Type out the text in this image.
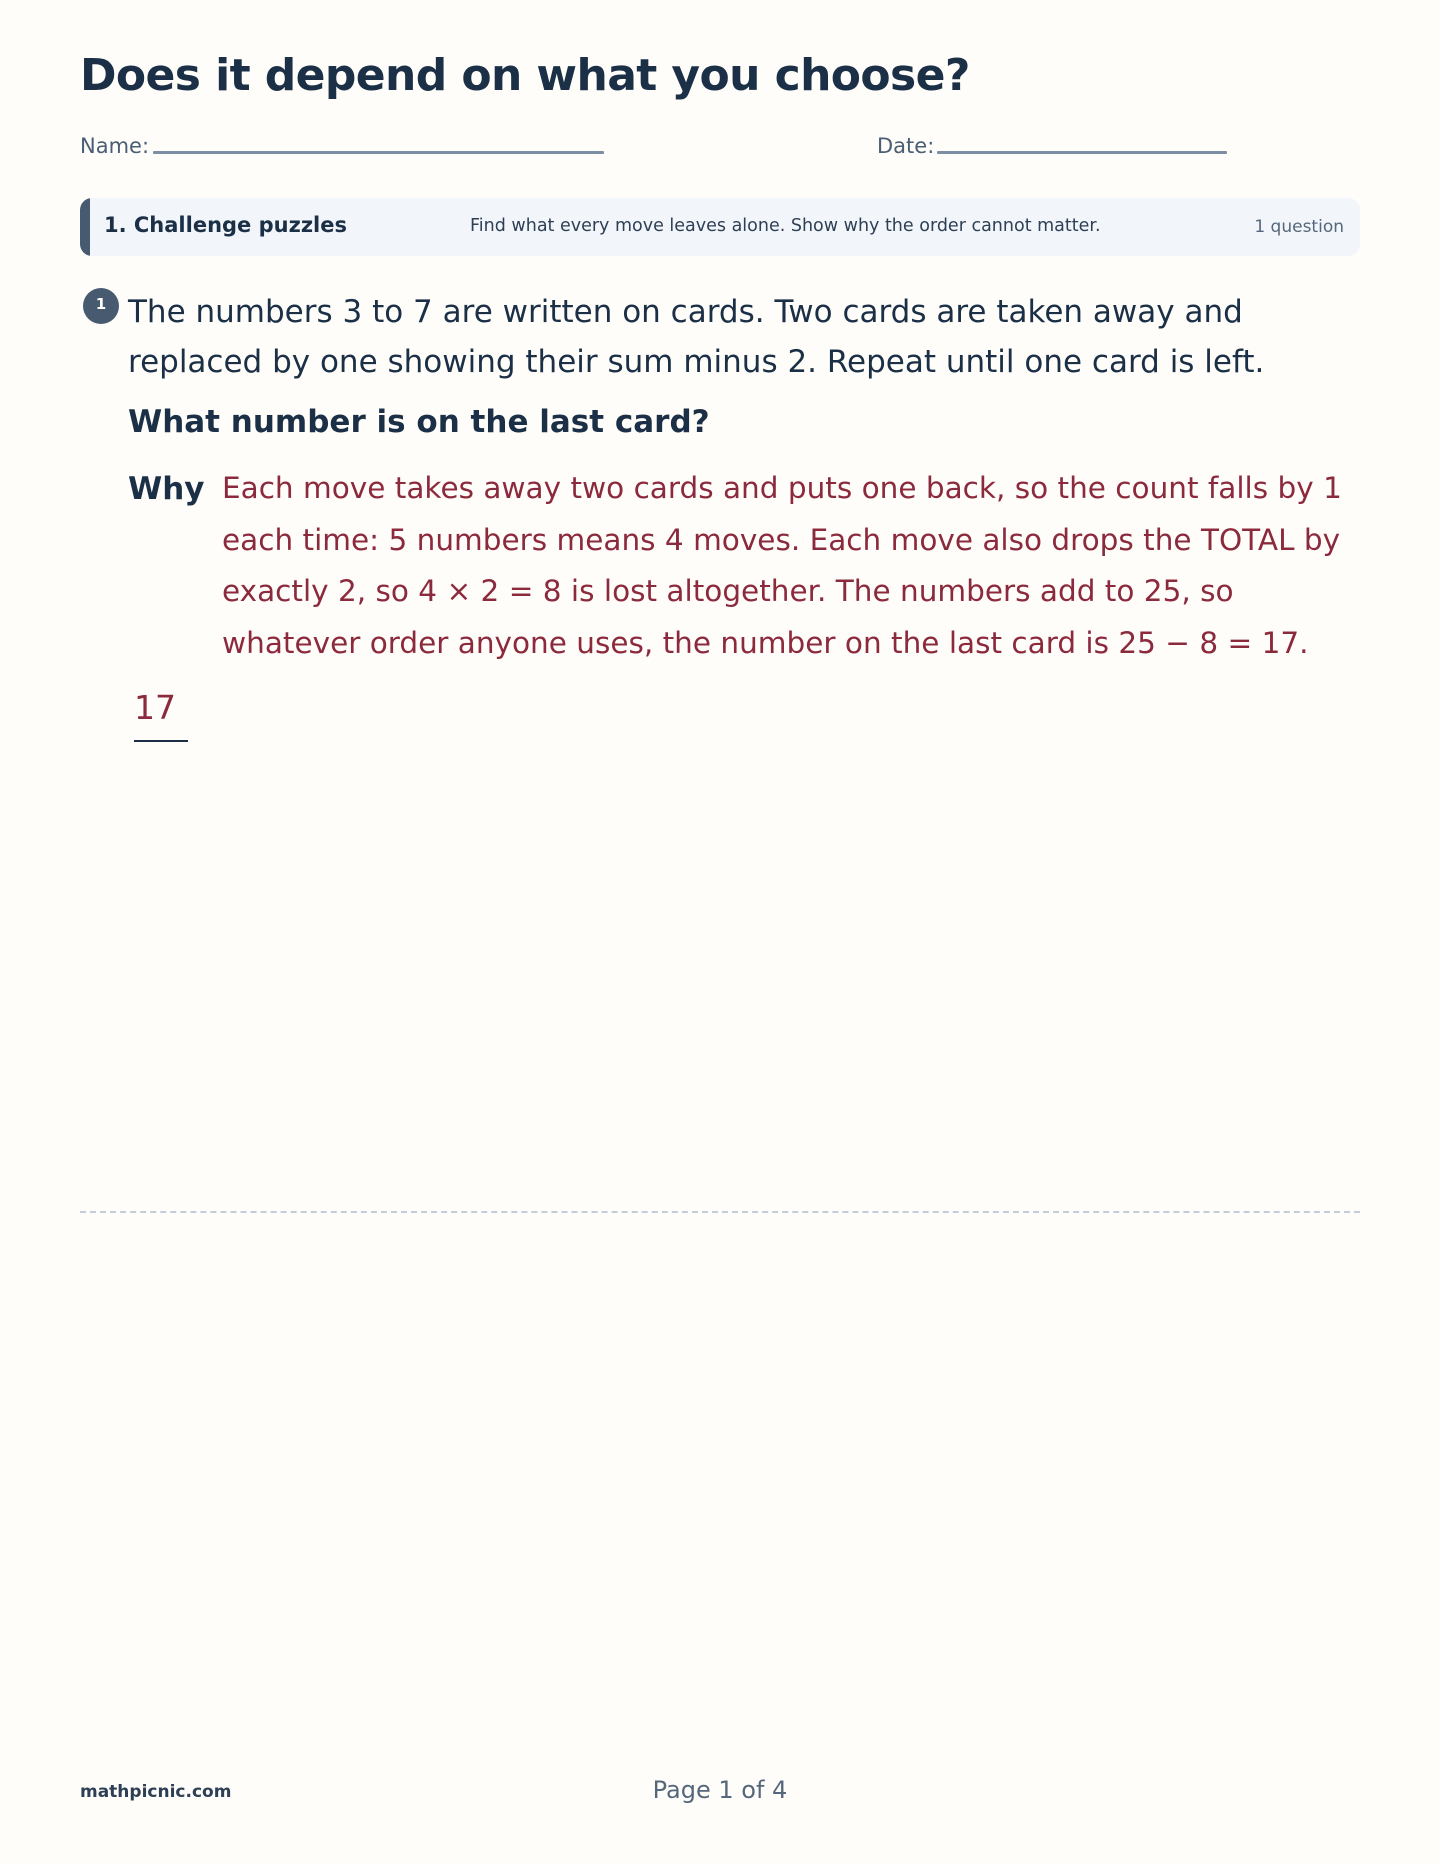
Does it depend on what you choose?
Name:	Date:
1. Challenge puzzles	Find what every move leaves alone. Show why the order cannot matter.	1 question
1 The numbers 3 to 7 are written on cards. Two cards are taken away and replaced by one showing their sum minus 2. Repeat until one card is left.

What number is on the last card?

Why Each move takes away two cards and puts one back, so the count falls by 1 each time: 5 numbers means 4 moves. Each move also drops the TOTAL by exactly 2, so 4 × 2 = 8 is lost altogether. The numbers add to 25, so whatever order anyone uses, the number on the last card is 25 − 8 = 17.

17
mathpicnic.com	Page 1 of 4
